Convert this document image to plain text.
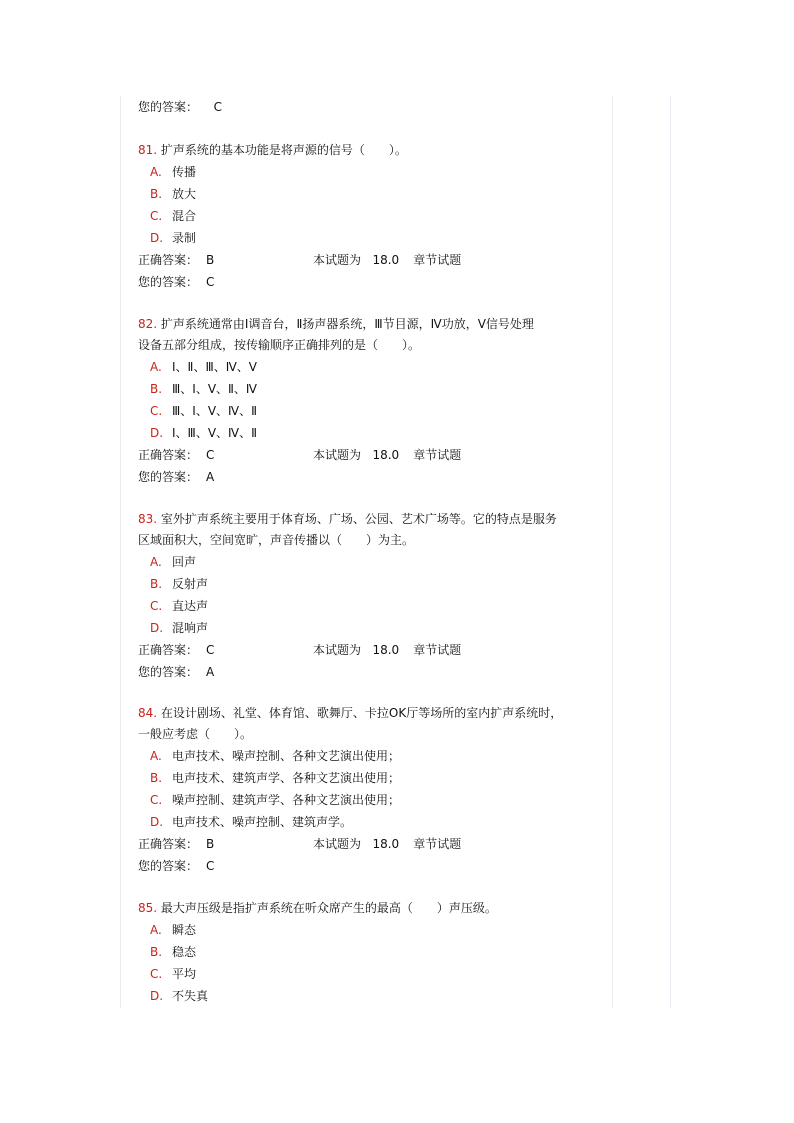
您的答案： C
81. 扩声系统的基本功能是将声源的信号（　　）。
A. 传播
B. 放大
C. 混合
D. 录制
正确答案： B	本试题为 18.0 章节试题
您的答案： C
82. 扩声系统通常由Ⅰ调音台，Ⅱ扬声器系统，Ⅲ节目源，Ⅳ功放，Ⅴ信号处理
设备五部分组成，按传输顺序正确排列的是（　　）。
A. Ⅰ、Ⅱ、Ⅲ、Ⅳ、Ⅴ
B. Ⅲ、Ⅰ、Ⅴ、Ⅱ、Ⅳ
C. Ⅲ、Ⅰ、Ⅴ、Ⅳ、Ⅱ
D. Ⅰ、Ⅲ、Ⅴ、Ⅳ、Ⅱ
正确答案： C	本试题为 18.0 章节试题
您的答案： A
83. 室外扩声系统主要用于体育场、广场、公园、艺术广场等。它的特点是服务
区域面积大，空间宽旷，声音传播以（　　）为主。
A. 回声
B. 反射声
C. 直达声
D. 混响声
正确答案： C	本试题为 18.0 章节试题
您的答案： A
84. 在设计剧场、礼堂、体育馆、歌舞厅、卡拉OK厅等场所的室内扩声系统时，
一般应考虑（　　）。
A. 电声技术、噪声控制、各种文艺演出使用；
B. 电声技术、建筑声学、各种文艺演出使用；
C. 噪声控制、建筑声学、各种文艺演出使用；
D. 电声技术、噪声控制、建筑声学。
正确答案： B	本试题为 18.0 章节试题
您的答案： C
85. 最大声压级是指扩声系统在听众席产生的最高（　　）声压级。
A. 瞬态
B. 稳态
C. 平均
D. 不失真
